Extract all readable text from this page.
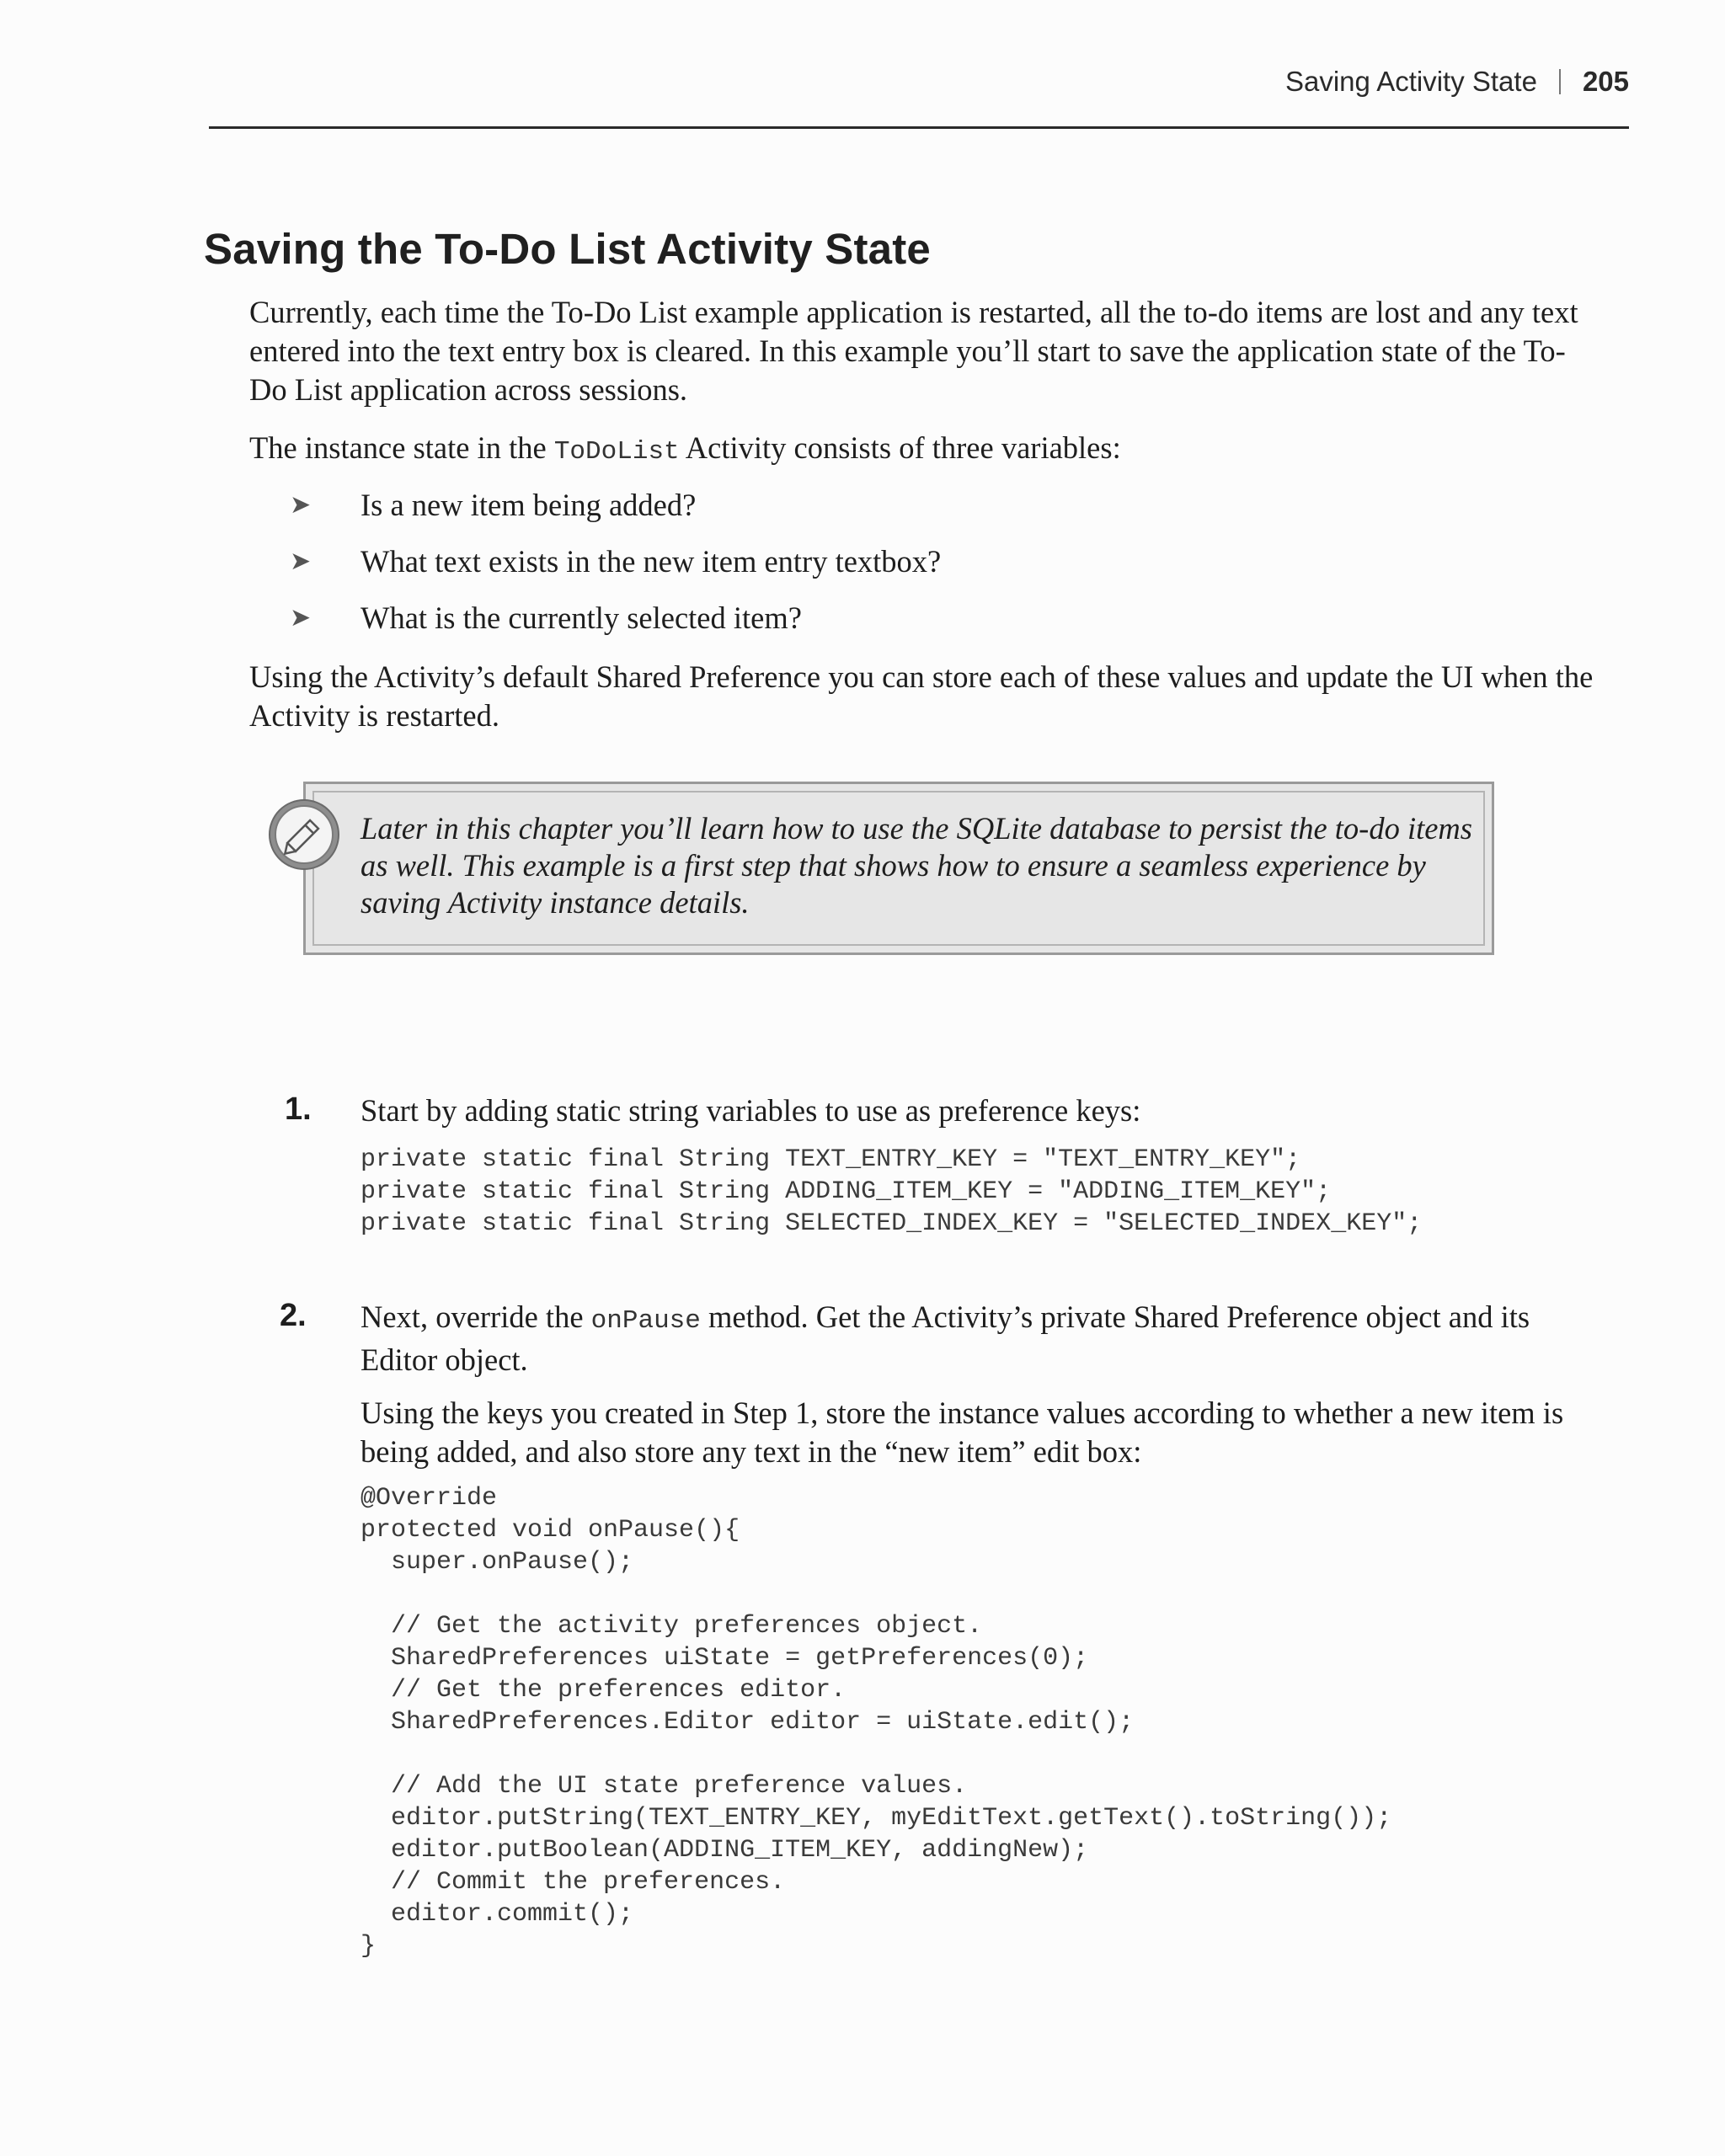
Saving Activity State 205
Saving the To-Do List Activity State

Currently, each time the To-Do List example application is restarted, all the to-do items are lost and any text entered into the text entry box is cleared. In this example you’ll start to save the application state of the To-Do List application across sessions.

The instance state in the ToDoList Activity consists of three variables:

➤ Is a new item being added?
➤ What text exists in the new item entry textbox?
➤ What is the currently selected item?

Using the Activity’s default Shared Preference you can store each of these values and update the UI when the Activity is restarted.

Later in this chapter you’ll learn how to use the SQLite database to persist the to-do items as well. This example is a first step that shows how to ensure a seamless experience by saving Activity instance details.

1. Start by adding static string variables to use as preference keys:

private static final String TEXT_ENTRY_KEY = "TEXT_ENTRY_KEY";
private static final String ADDING_ITEM_KEY = "ADDING_ITEM_KEY";
private static final String SELECTED_INDEX_KEY = "SELECTED_INDEX_KEY";
2. Next, override the onPause method. Get the Activity’s private Shared Preference object and its Editor object.

Using the keys you created in Step 1, store the instance values according to whether a new item is being added, and also store any text in the “new item” edit box:

@Override
protected void onPause(){
super.onPause();

// Get the activity preferences object.
SharedPreferences uiState = getPreferences(0);
// Get the preferences editor.
SharedPreferences.Editor editor = uiState.edit();

// Add the UI state preference values.
editor.putString(TEXT_ENTRY_KEY, myEditText.getText().toString());
editor.putBoolean(ADDING_ITEM_KEY, addingNew);
// Commit the preferences.
editor.commit();
}
